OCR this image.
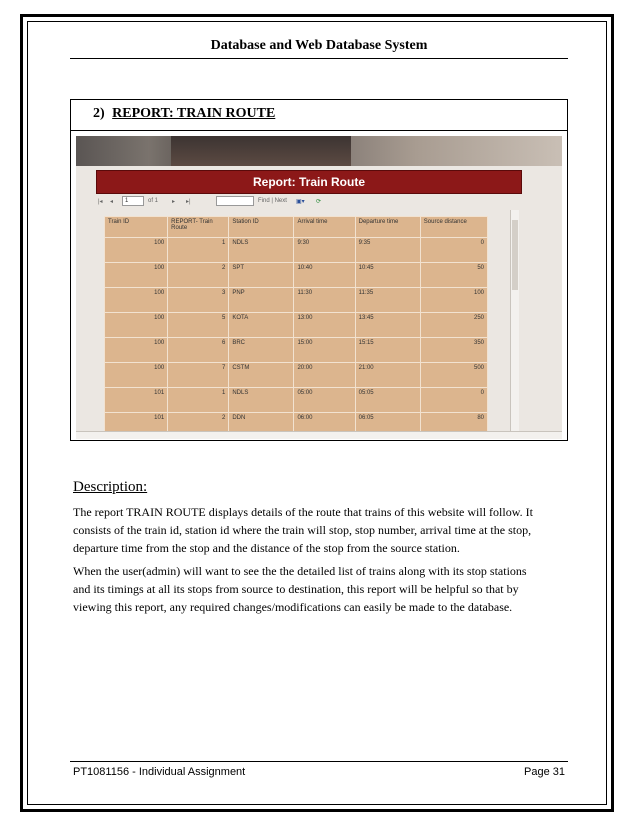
Database and Web Database System
2) REPORT: TRAIN ROUTE
Report: Train Route
|◂ ◂	1	of 1 ▸ ▸|	Find | Next ▣▾ ⟳
Train ID	REPORT- Train Route	Station ID	Arrival time	Departure time	Source distance
100	1	NDLS	9:30	9:35	0
100	2	SPT	10:40	10:45	50
100	3	PNP	11:30	11:35	100
100	5	KOTA	13:00	13:45	250
100	6	BRC	15:00	15:15	350
100	7	CSTM	20:00	21:00	500
101	1	NDLS	05:00	05:05	0
101	2	DDN	06:00	06:05	80
Description:
The report TRAIN ROUTE displays details of the route that trains of this website will follow. It
consists of the train id, station id where the train will stop, stop number, arrival time at the stop,
departure time from the stop and the distance of the stop from the source station.
When the user(admin) will want to see the the detailed list of trains along with its stop stations
and its timings at all its stops from source to destination, this report will be helpful so that by
viewing this report, any required changes/modifications can easily be made to the database.
PT1081156 - Individual Assignment	Page 31
